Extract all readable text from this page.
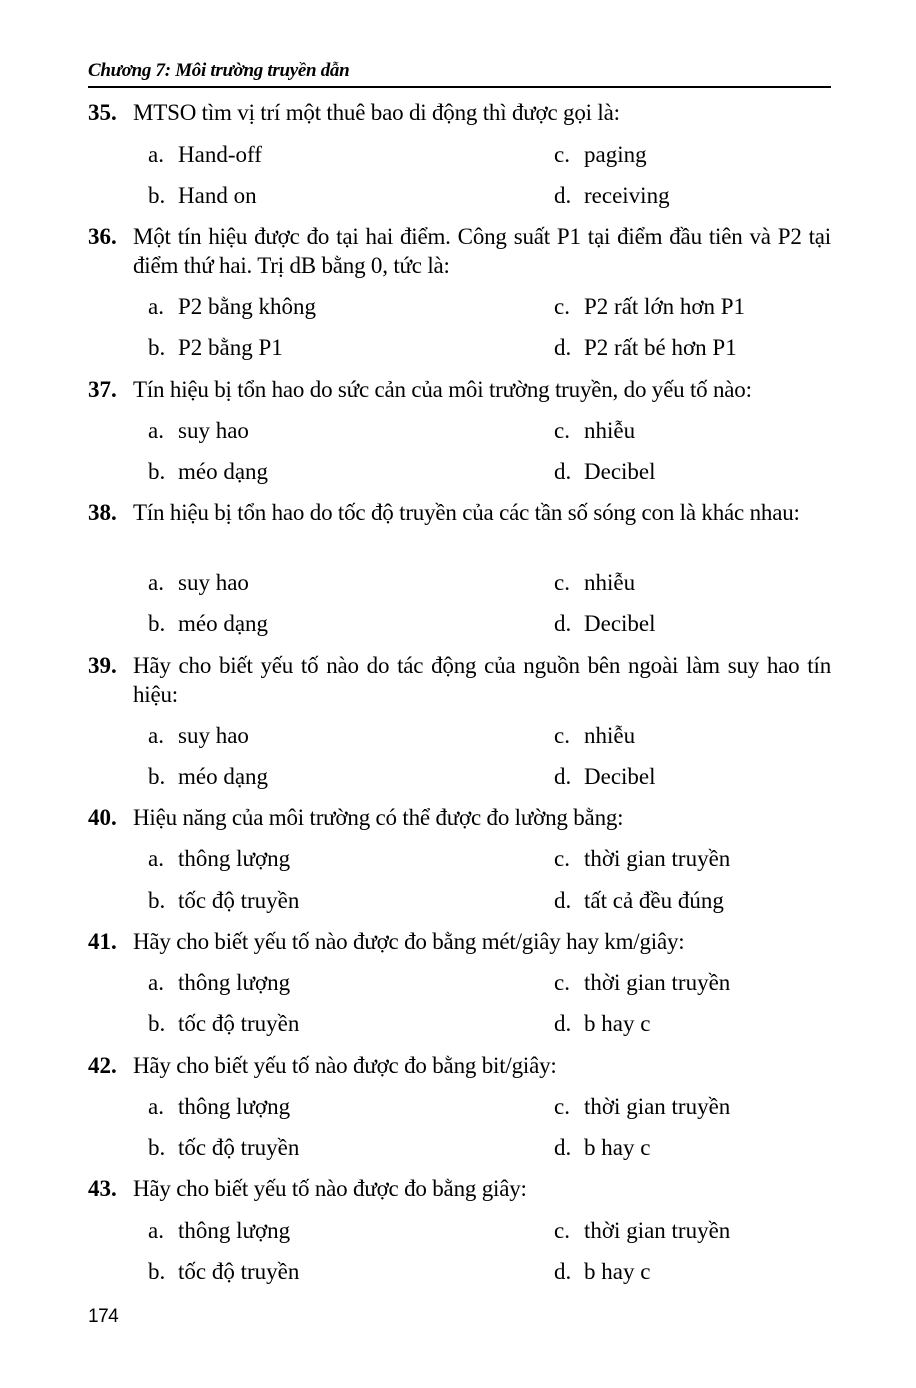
Chương 7: Môi trường truyền dẫn
35. MTSO tìm vị trí một thuê bao di động thì được gọi là:
a. Hand-off
b. Hand on
c. paging
d. receiving
36. Một tín hiệu được đo tại hai điểm. Công suất P1 tại điểm đầu tiên và P2 tại điểm thứ hai. Trị dB bằng 0, tức là:
a. P2 bằng không
b. P2 bằng P1
c. P2 rất lớn hơn P1
d. P2 rất bé hơn P1
37. Tín hiệu bị tổn hao do sức cản của môi trường truyền, do yếu tố nào:
a. suy hao
b. méo dạng
c. nhiễu
d. Decibel
38. Tín hiệu bị tổn hao do tốc độ truyền của các tần số sóng con là khác nhau:
a. suy hao
b. méo dạng
c. nhiễu
d. Decibel
39. Hãy cho biết yếu tố nào do tác động của nguồn bên ngoài làm suy hao tín hiệu:
a. suy hao
b. méo dạng
c. nhiễu
d. Decibel
40. Hiệu năng của môi trường có thể được đo lường bằng:
a. thông lượng
b. tốc độ truyền
c. thời gian truyền
d. tất cả đều đúng
41. Hãy cho biết yếu tố nào được đo bằng mét/giây hay km/giây:
a. thông lượng
b. tốc độ truyền
c. thời gian truyền
d. b hay c
42. Hãy cho biết yếu tố nào được đo bằng bit/giây:
a. thông lượng
b. tốc độ truyền
c. thời gian truyền
d. b hay c
43. Hãy cho biết yếu tố nào được đo bằng giây:
a. thông lượng
b. tốc độ truyền
c. thời gian truyền
d. b hay c
174
